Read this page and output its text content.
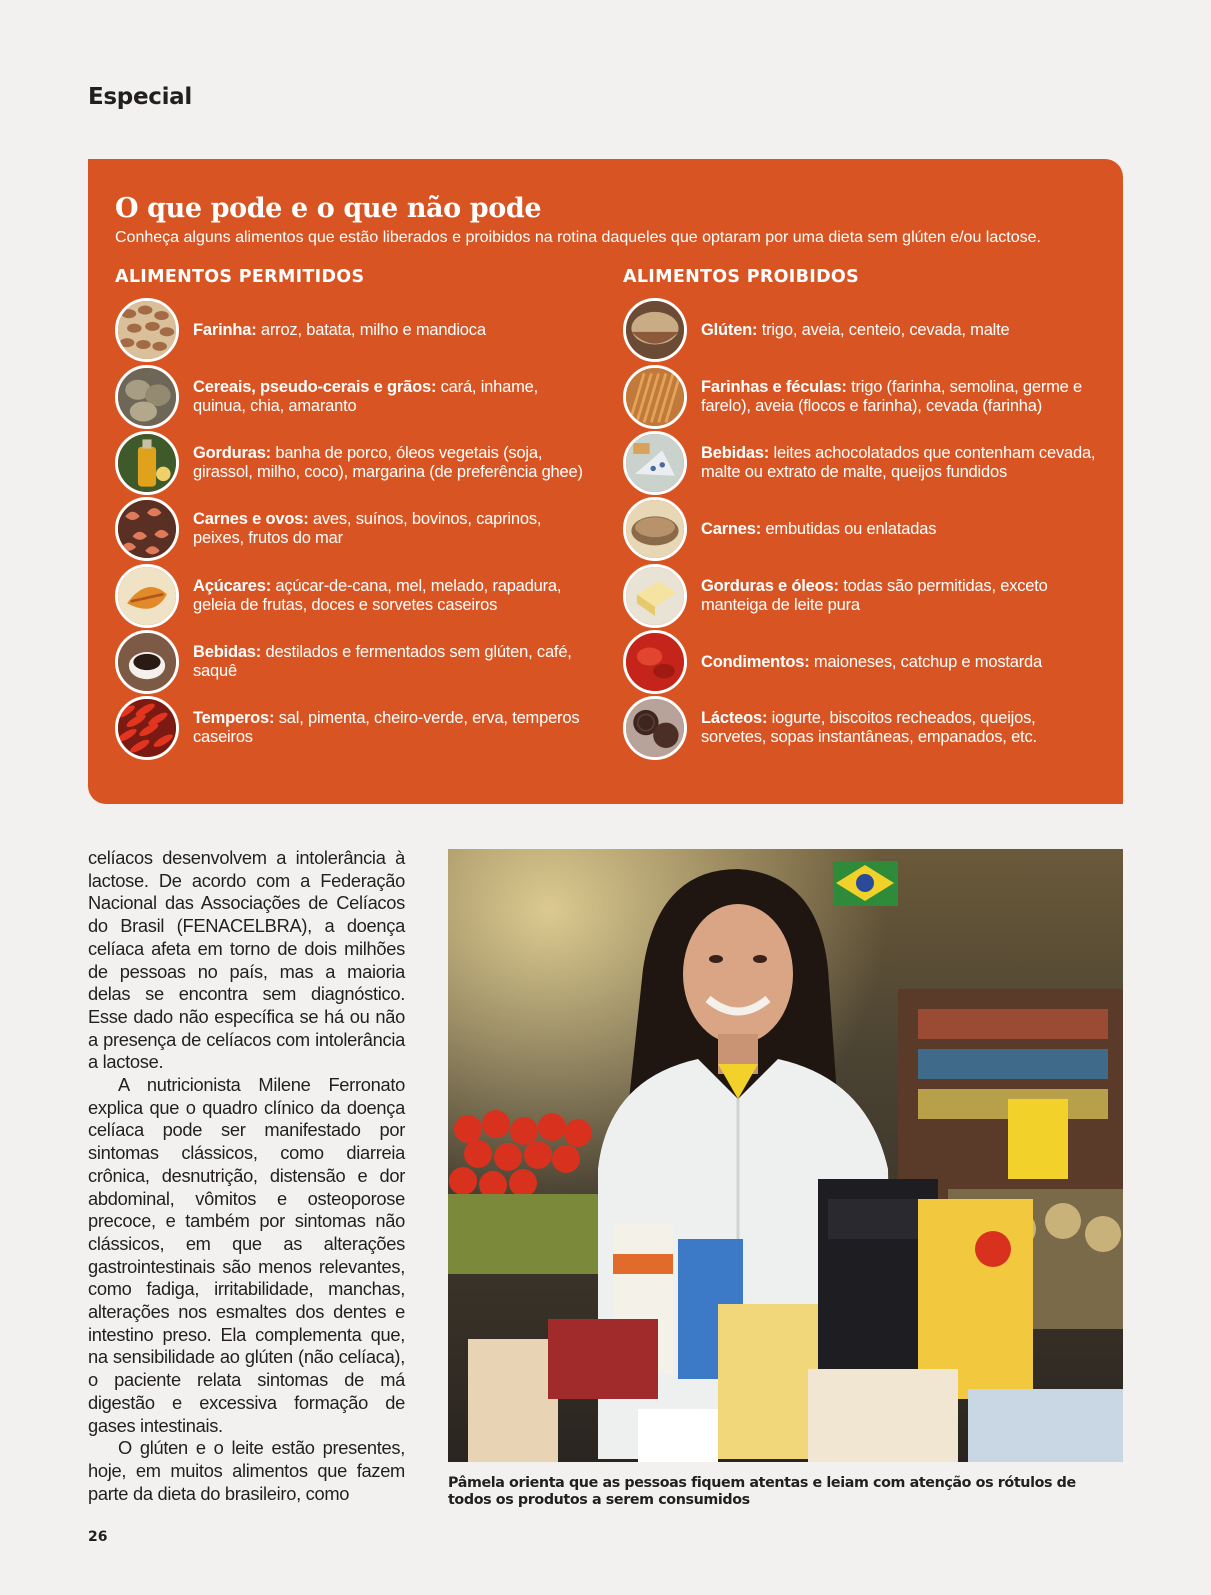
Especial
O que pode e o que não pode
Conheça alguns alimentos que estão liberados e proibidos na rotina daqueles que optaram por uma dieta sem glúten e/ou lactose.
ALIMENTOS PERMITIDOS
Farinha: arroz, batata, milho e mandioca
Cereais, pseudo-cerais e grãos: cará, inhame, quinua, chia, amaranto
Gorduras: banha de porco, óleos vegetais (soja, girassol, milho, coco), margarina (de preferência ghee)
Carnes e ovos: aves, suínos, bovinos, caprinos, peixes, frutos do mar
Açúcares: açúcar-de-cana, mel, melado, rapadura, geleia de frutas, doces e sorvetes caseiros
Bebidas: destilados e fermentados sem glúten, café, saquê
Temperos: sal, pimenta, cheiro-verde, erva, temperos caseiros
ALIMENTOS PROIBIDOS
Glúten: trigo, aveia, centeio, cevada, malte
Farinhas e féculas: trigo (farinha, semolina, germe e farelo), aveia (flocos e farinha), cevada (farinha)
Bebidas: leites achocolatados que contenham cevada, malte ou extrato de malte, queijos fundidos
Carnes: embutidas ou enlatadas
Gorduras e óleos: todas são permitidas, exceto manteiga de leite pura
Condimentos: maioneses, catchup e mostarda
Lácteos: iogurte, biscoitos recheados, queijos, sorvetes, sopas instantâneas, empanados, etc.

celíacos desenvolvem a intolerância à lactose. De acordo com a Federação Nacional das Associações de Celíacos do Brasil (FENACELBRA), a doença celíaca afeta em torno de dois milhões de pessoas no país, mas a maioria delas se encontra sem diagnóstico. Esse dado não específica se há ou não a presença de celíacos com intolerância a lactose.

A nutricionista Milene Ferronato explica que o quadro clínico da doença celíaca pode ser manifestado por sintomas clássicos, como diarreia crônica, desnutrição, distensão e dor abdominal, vômitos e osteoporose precoce, e também por sintomas não clássicos, em que as alterações gastrointestinais são menos relevantes, como fadiga, irritabilidade, manchas, alterações nos esmaltes dos dentes e intestino preso. Ela complementa que, na sensibilidade ao glúten (não celíaca), o paciente relata sintomas de má digestão e excessiva formação de gases intestinais.

O glúten e o leite estão presentes, hoje, em muitos alimentos que fazem parte da dieta do brasileiro, como	Pâmela orienta que as pessoas fiquem atentas e leiam com atenção os rótulos de todos os produtos a serem consumidos
26
